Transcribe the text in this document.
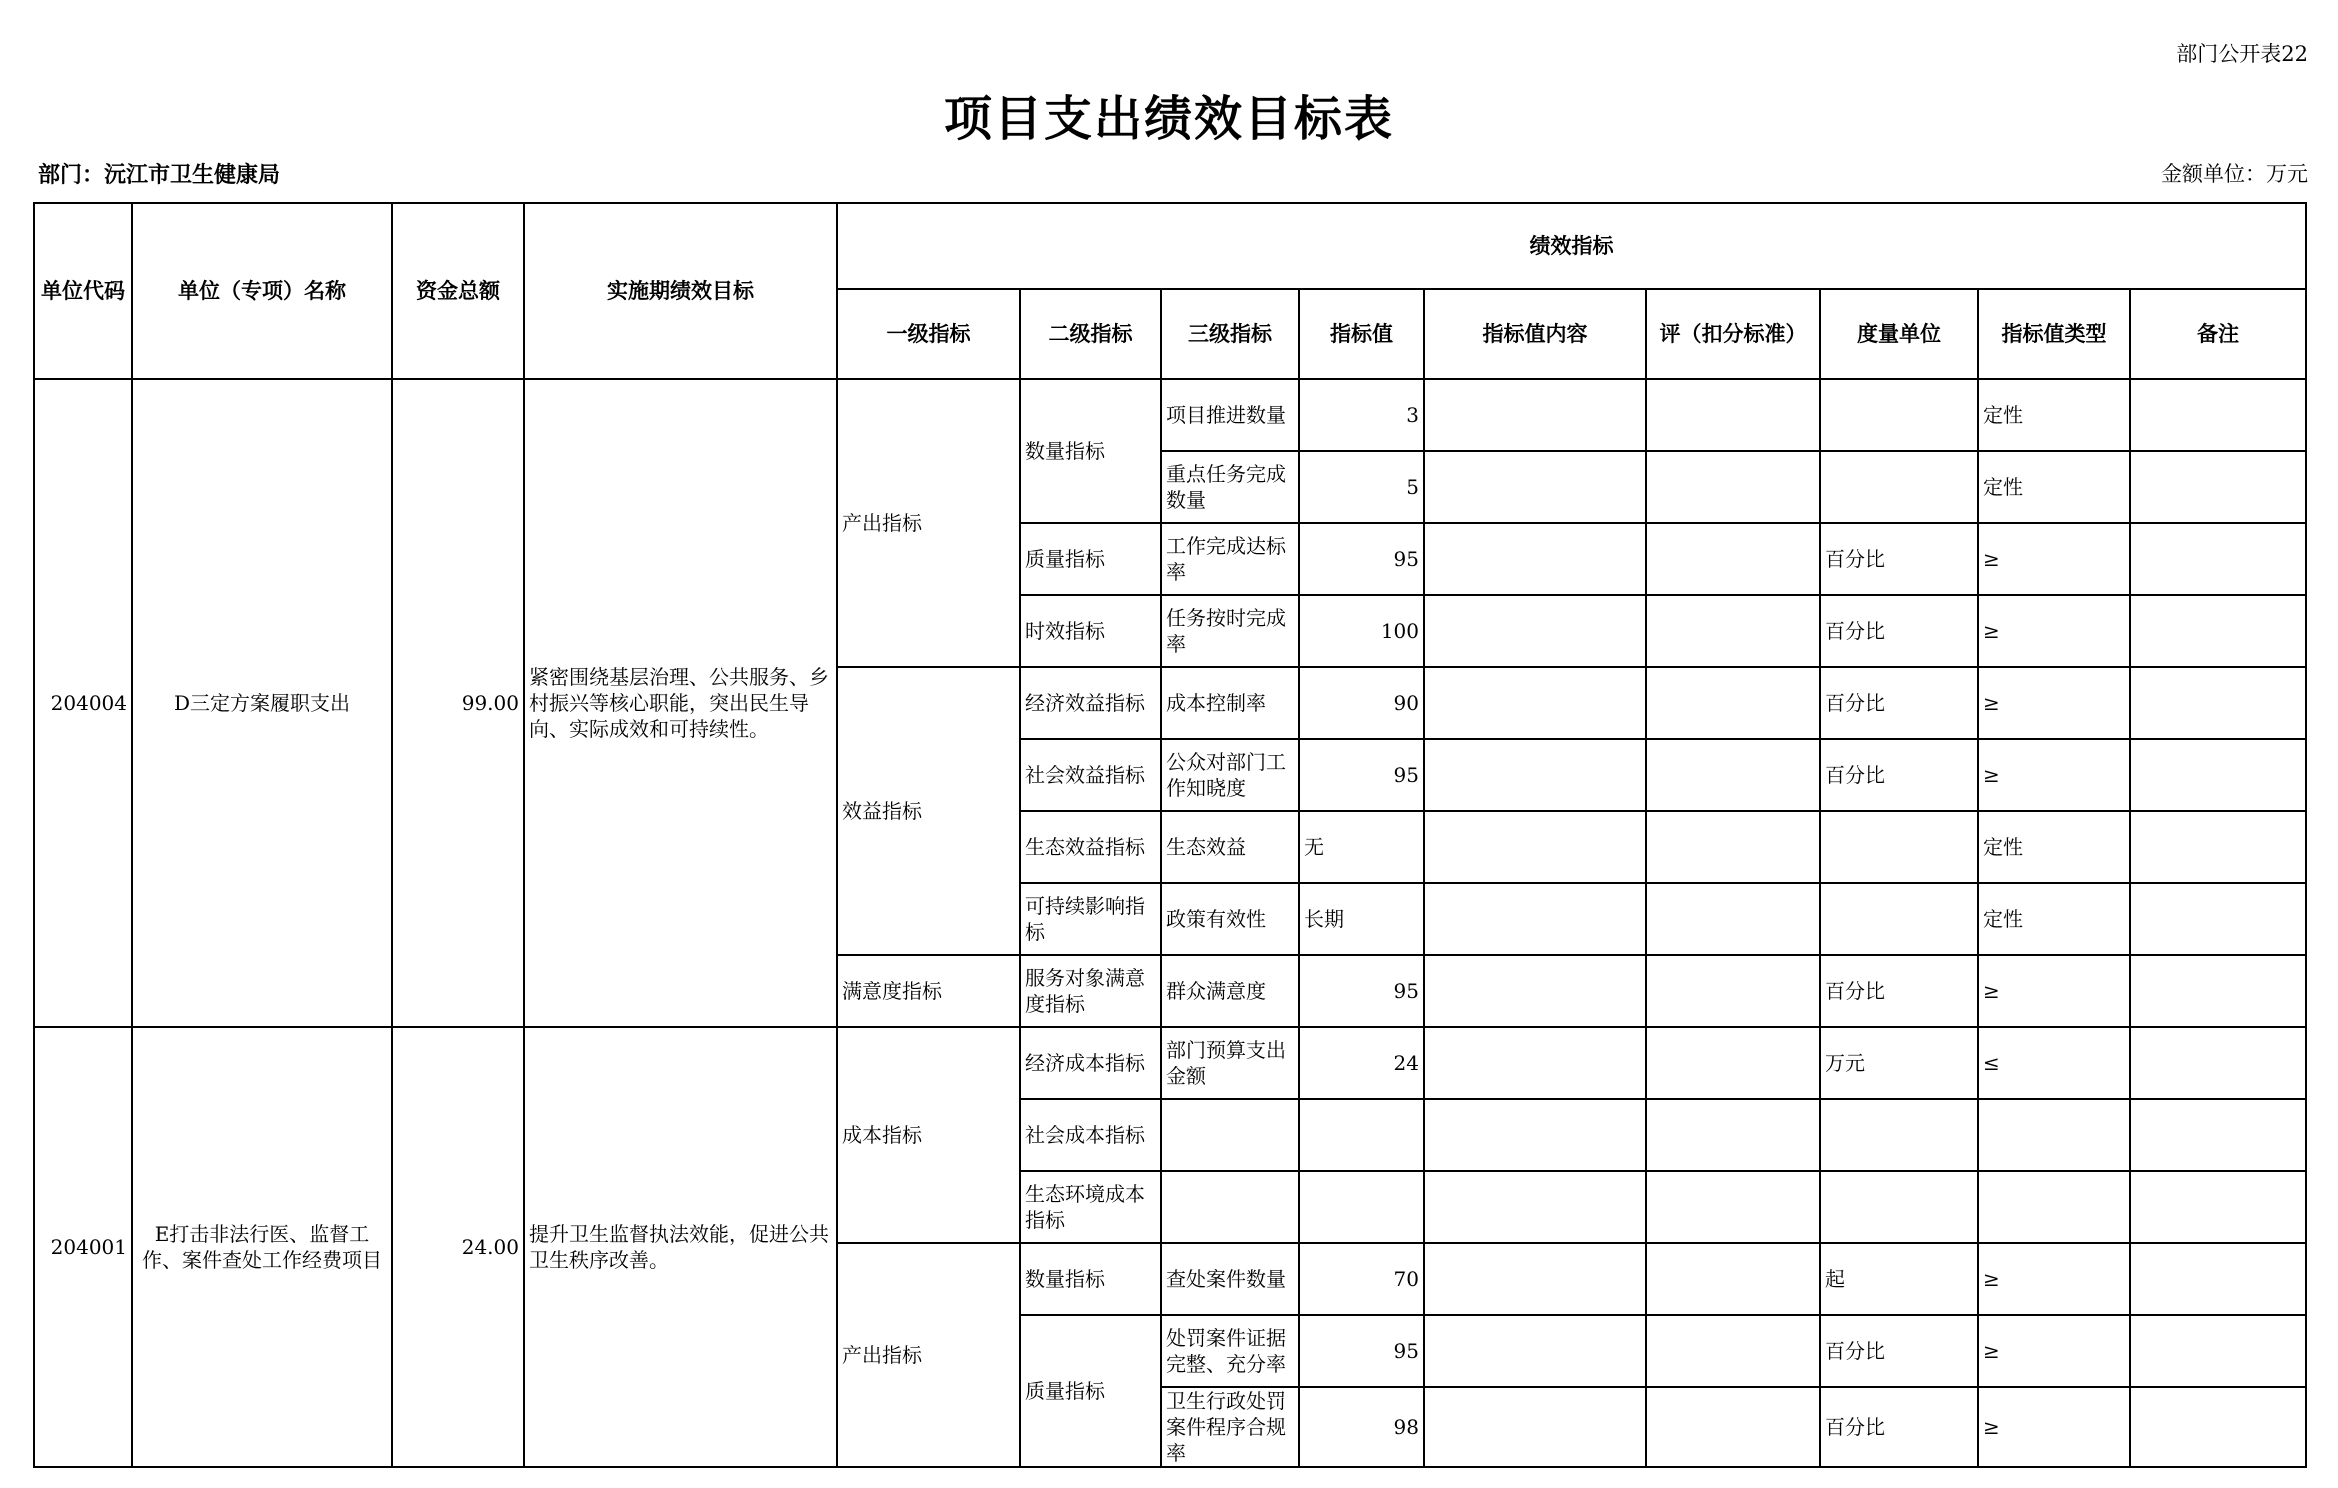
部门公开表22
项目支出绩效目标表
部门：沅江市卫生健康局	金额单位：万元
单位代码	单位（专项）名称	资金总额	实施期绩效目标	绩效指标								
				一级指标	二级指标	三级指标	指标值	指标值内容	评（扣分标准）	度量单位	指标值类型	备注
204004	D三定方案履职支出	99.00	紧密围绕基层治理、公共服务、乡村振兴等核心职能，突出民生导向、实际成效和可持续性。	产出指标	数量指标	项目推进数量	3				定性	
						重点任务完成数量	5				定性	
					质量指标	工作完成达标率	95			百分比	≥	
					时效指标	任务按时完成率	100			百分比	≥	
				效益指标	经济效益指标	成本控制率	90			百分比	≥	
					社会效益指标	公众对部门工作知晓度	95			百分比	≥	
					生态效益指标	生态效益	无				定性	
					可持续影响指标	政策有效性	长期				定性	
				满意度指标	服务对象满意度指标	群众满意度	95			百分比	≥	
204001	E打击非法行医、监督工作、案件查处工作经费项目	24.00	提升卫生监督执法效能，促进公共卫生秩序改善。	成本指标	经济成本指标	部门预算支出金额	24			万元	≤	
					社会成本指标							
					生态环境成本指标							
				产出指标	数量指标	查处案件数量	70			起	≥	
					质量指标	处罚案件证据完整、充分率	95			百分比	≥	
						卫生行政处罚案件程序合规率	98			百分比	≥	
